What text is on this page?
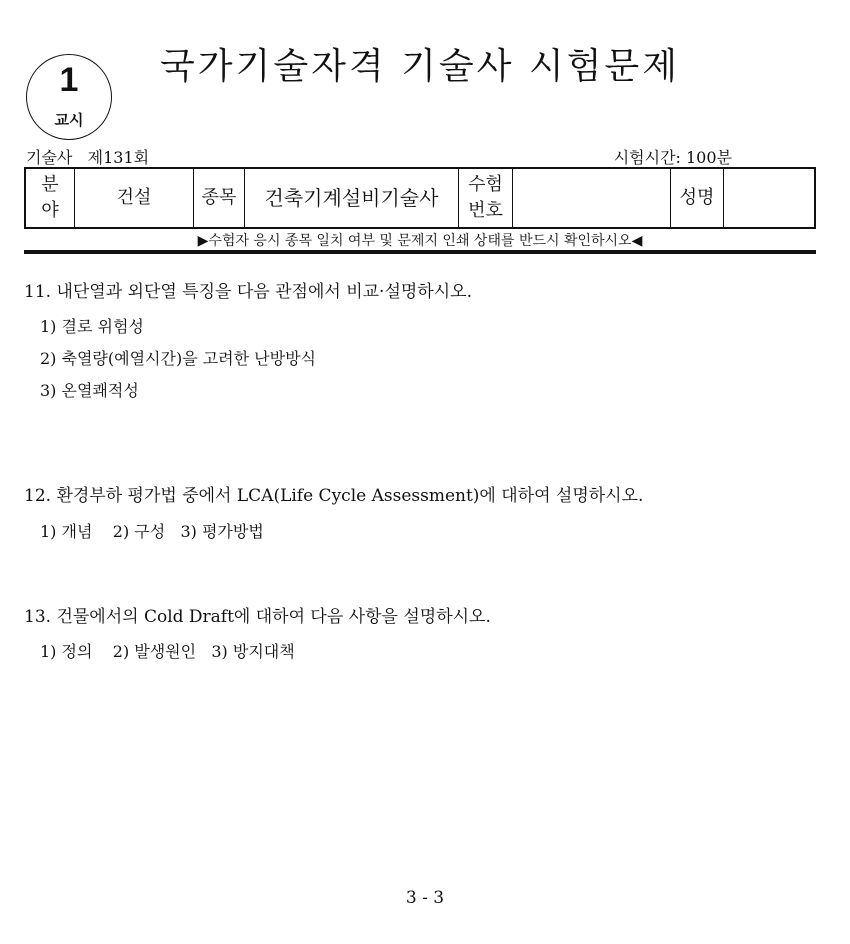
국가기술자격 기술사 시험문제
1
교시
기술사   제131회	시험시간: 100분
분야	건설	종목	건축기계설비기술사	수험번호		성명	
▶수험자 응시 종목 일치 여부 및 문제지 인쇄 상태를 반드시 확인하시오◀
11. 내단열과 외단열 특징을 다음 관점에서 비교·설명하시오.
1) 결로 위험성
2) 축열량(예열시간)을 고려한 난방방식
3) 온열쾌적성
12. 환경부하 평가법 중에서 LCA(Life Cycle Assessment)에 대하여 설명하시오.
1) 개념    2) 구성   3) 평가방법
13. 건물에서의 Cold Draft에 대하여 다음 사항을 설명하시오.
1) 정의    2) 발생원인   3) 방지대책
3 - 3
